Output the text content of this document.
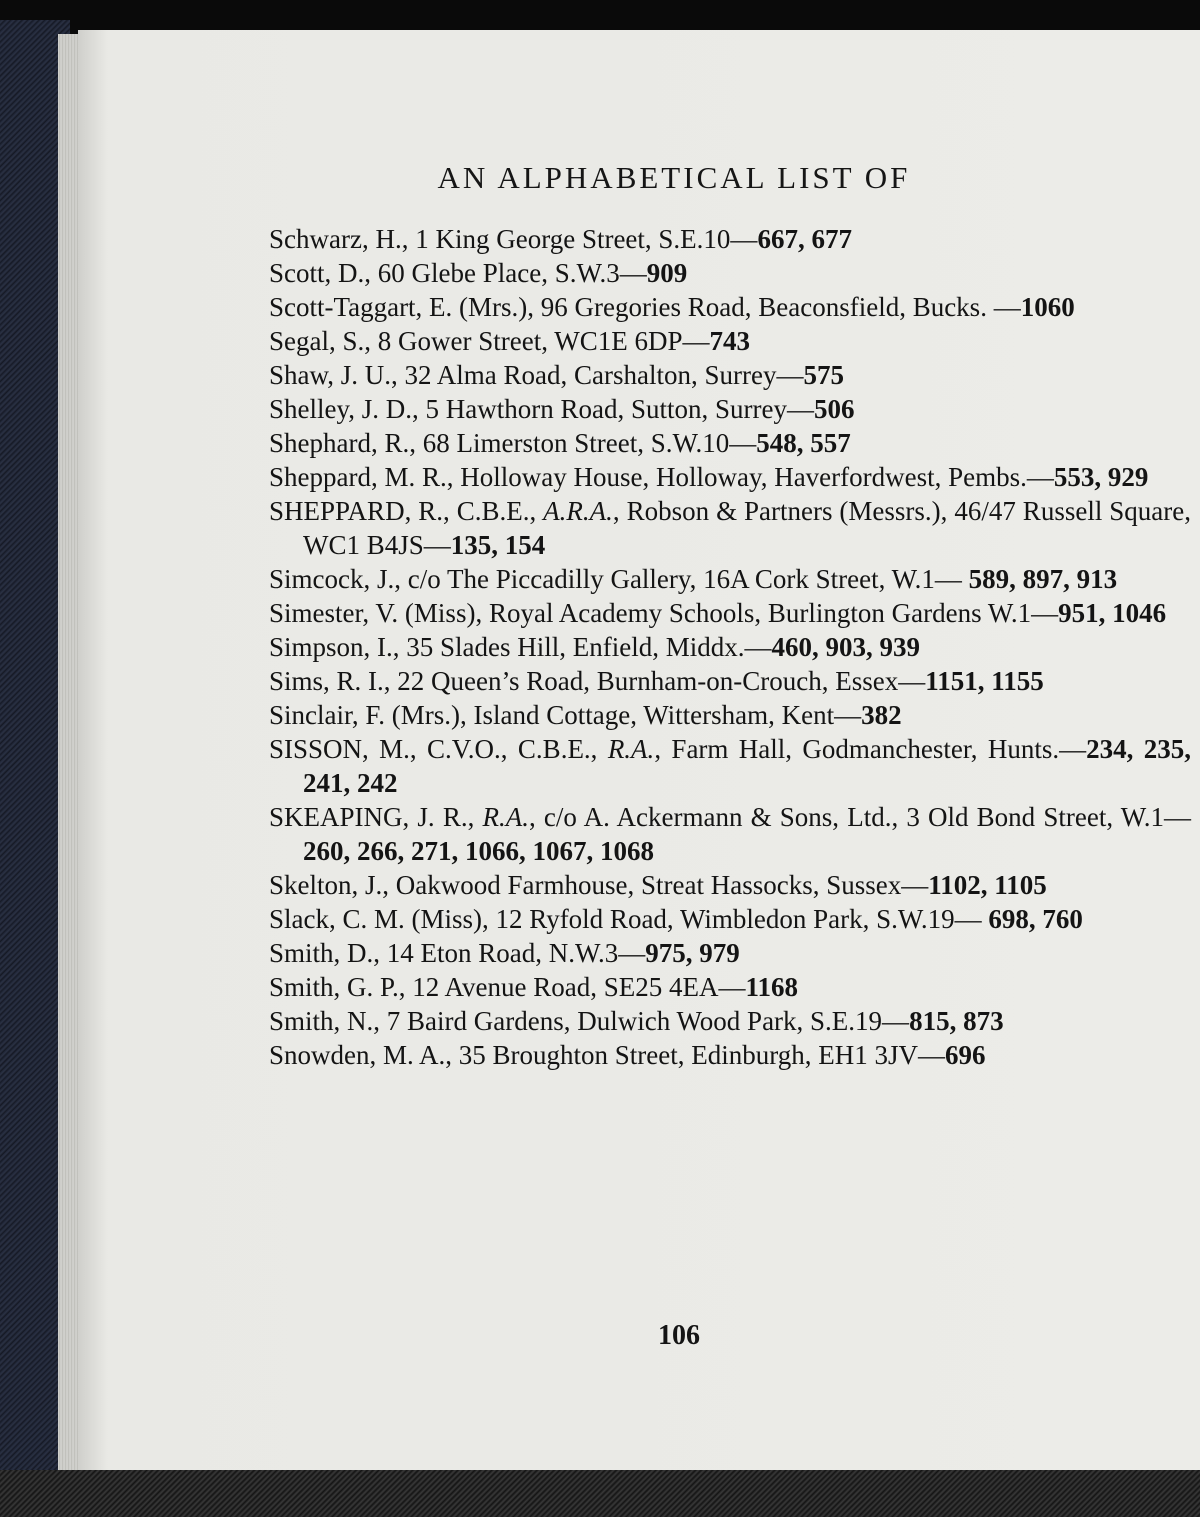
AN ALPHABETICAL LIST OF
Schwarz, H., 1 King George Street, S.E.10—667, 677
Scott, D., 60 Glebe Place, S.W.3—909
Scott-Taggart, E. (Mrs.), 96 Gregories Road, Beaconsfield, Bucks. —1060
Segal, S., 8 Gower Street, WC1E 6DP—743
Shaw, J. U., 32 Alma Road, Carshalton, Surrey—575
Shelley, J. D., 5 Hawthorn Road, Sutton, Surrey—506
Shephard, R., 68 Limerston Street, S.W.10—548, 557
Sheppard, M. R., Holloway House, Holloway, Haverfordwest, Pembs.—553, 929
SHEPPARD, R., C.B.E., A.R.A., Robson & Partners (Messrs.), 46/47 Russell Square, WC1 B4JS—135, 154
Simcock, J., c/o The Piccadilly Gallery, 16A Cork Street, W.1— 589, 897, 913
Simester, V. (Miss), Royal Academy Schools, Burlington Gardens W.1—951, 1046
Simpson, I., 35 Slades Hill, Enfield, Middx.—460, 903, 939
Sims, R. I., 22 Queen’s Road, Burnham-on-Crouch, Essex—1151, 1155
Sinclair, F. (Mrs.), Island Cottage, Wittersham, Kent—382
SISSON, M., C.V.O., C.B.E., R.A., Farm Hall, Godmanchester, Hunts.—234, 235, 241, 242
SKEAPING, J. R., R.A., c/o A. Ackermann & Sons, Ltd., 3 Old Bond Street, W.1—260, 266, 271, 1066, 1067, 1068
Skelton, J., Oakwood Farmhouse, Streat Hassocks, Sussex—1102, 1105
Slack, C. M. (Miss), 12 Ryfold Road, Wimbledon Park, S.W.19— 698, 760
Smith, D., 14 Eton Road, N.W.3—975, 979
Smith, G. P., 12 Avenue Road, SE25 4EA—1168
Smith, N., 7 Baird Gardens, Dulwich Wood Park, S.E.19—815, 873
Snowden, M. A., 35 Broughton Street, Edinburgh, EH1 3JV—696
106
